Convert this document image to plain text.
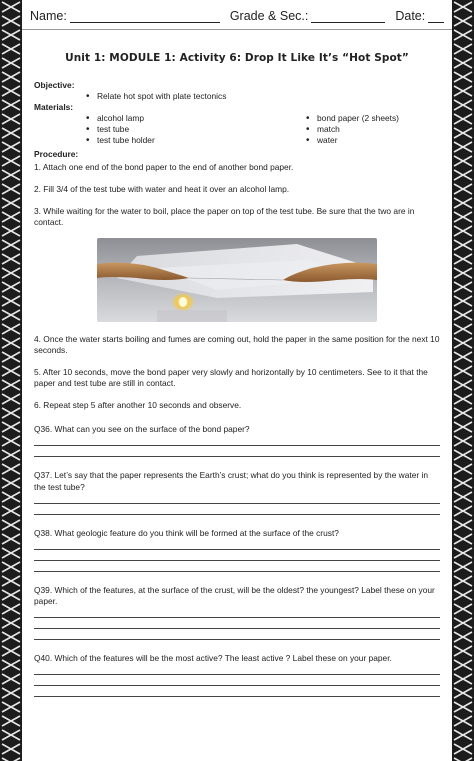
Name:	Grade & Sec.:	Date:
Unit 1: MODULE 1: Activity 6: Drop It Like It’s “Hot Spot”
Objective:
• Relate hot spot with plate tectonics
Materials:
• alcohol lamp
• test tube
• test tube holder
• bond paper (2 sheets)
• match
• water
Procedure:
1. Attach one end of the bond paper to the end of another bond paper.
2. Fill 3/4 of the test tube with water and heat it over an alcohol lamp.
3. While waiting for the water to boil, place the paper on top of the test tube. Be sure that the two are in contact.
4. Once the water starts boiling and fumes are coming out, hold the paper in the same position for the next 10 seconds.
5. After 10 seconds, move the bond paper very slowly and horizontally by 10 centimeters. See to it that the paper and test tube are still in contact.
6. Repeat step 5 after another 10 seconds and observe.
Q36. What can you see on the surface of the bond paper?
Q37. Let’s say that the paper represents the Earth’s crust; what do you think is represented by the water in the test tube?
Q38. What geologic feature do you think will be formed at the surface of the crust?
Q39. Which of the features, at the surface of the crust, will be the oldest? the youngest? Label these on your paper.
Q40. Which of the features will be the most active? The least active ? Label these on your paper.
